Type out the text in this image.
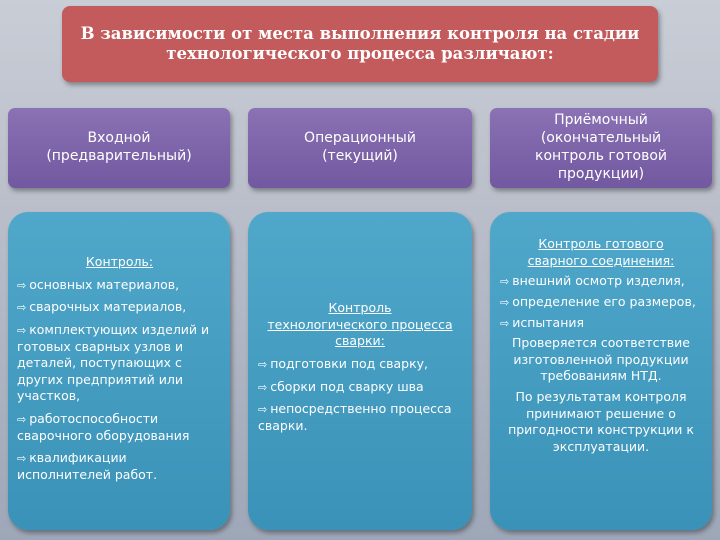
В зависимости от места выполнения контроля на стадии
технологического процесса различают:
Входной
(предварительный)
Операционный
(текущий)
Приёмочный
(окончательный
контроль готовой
продукции)
Контроль:

⇨ основных материалов,

⇨ сварочных материалов,

⇨ комплектующих изделий и готовых сварных узлов и деталей, поступающих с других предприятий или участков,

⇨ работоспособности сварочного оборудования

⇨ квалификации исполнителей работ.

Контроль
технологического процесса
сварки:

⇨ подготовки под сварку,

⇨ сборки под сварку шва

⇨ непосредственно процесса сварки.

Контроль готового
сварного соединения:

⇨ внешний осмотр изделия,

⇨ определение его размеров,

⇨ испытания

Проверяется соответствие изготовленной продукции требованиям НТД.

По результатам контроля принимают решение о пригодности конструкции к эксплуатации.
